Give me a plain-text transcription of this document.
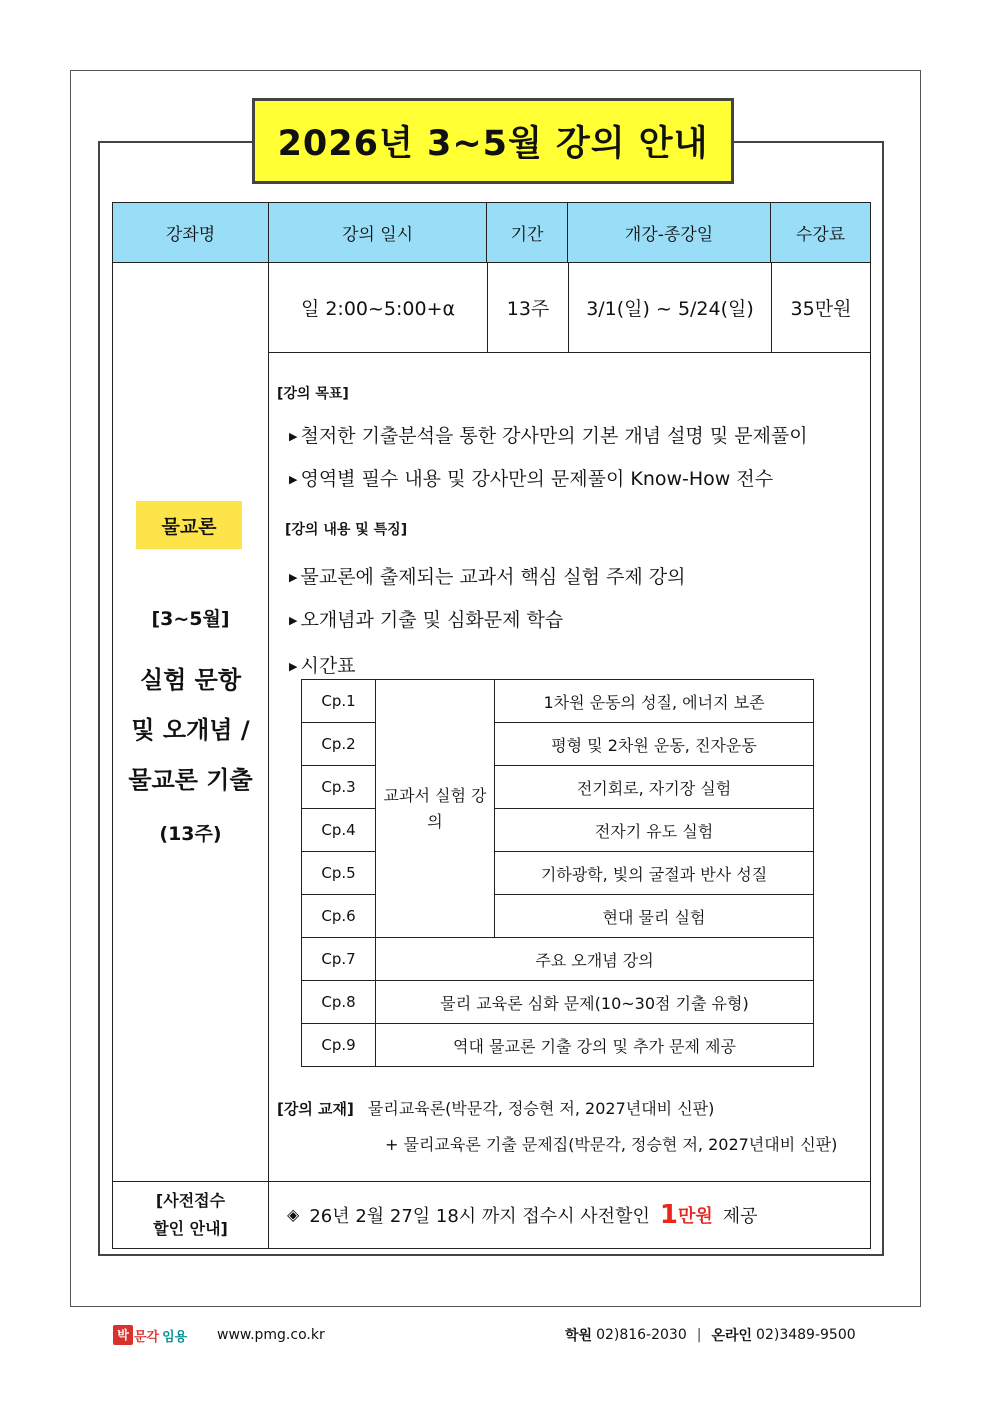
2026년 3~5월 강의 안내
강좌명	강의 일시	기간	개강-종강일	수강료
일 2:00~5:00+α	13주	3/1(일) ~ 5/24(일)	35만원
물교론
[3~5월]
실험 문항
및 오개념 /
물교론 기출
(13주)
[강의 목표]
▶ 철저한 기출분석을 통한 강사만의 기본 개념 설명 및 문제풀이
▶ 영역별 필수 내용 및 강사만의 문제풀이 Know-How 전수
[강의 내용 및 특징]
▶ 물교론에 출제되는 교과서 핵심 실험 주제 강의
▶ 오개념과 기출 및 심화문제 학습
▶ 시간표
Cp.1	교과서 실험 강의	1차원 운동의 성질, 에너지 보존
Cp.2		평형 및 2차원 운동, 진자운동
Cp.3		전기회로, 자기장 실험
Cp.4		전자기 유도 실험
Cp.5		기하광학, 빛의 굴절과 반사 성질
Cp.6		현대 물리 실험
Cp.7	주요 오개념 강의	
Cp.8	물리 교육론 심화 문제(10~30점 기출 유형)	
Cp.9	역대 물교론 기출 강의 및 추가 문제 제공	
[강의 교재] 물리교육론(박문각, 정승현 저, 2027년대비 신판)
+ 물리교육론 기출 문제집(박문각, 정승현 저, 2027년대비 신판)
[사전접수
할인 안내]
◈ 26년 2월 27일 18시 까지 접수시 사전할인 1 만원 제공
박 문각 임용 www.pmg.co.kr	학원 02)816-2030 | 온라인 02)3489-9500
